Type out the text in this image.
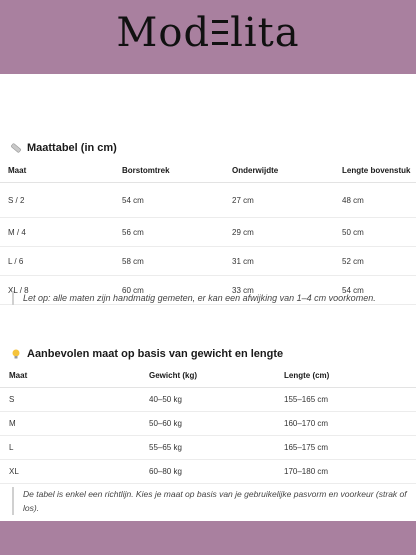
Mod lita
Maattabel (in cm)
Maat	Borstomtrek	Onderwijdte	Lengte bovenstuk
S / 2	54 cm	27 cm	48 cm
M / 4	56 cm	29 cm	50 cm
L / 6	58 cm	31 cm	52 cm
XL / 8	60 cm	33 cm	54 cm
Let op: alle maten zijn handmatig gemeten, er kan een afwijking van 1–4 cm voorkomen.
Aanbevolen maat op basis van gewicht en lengte
Maat	Gewicht (kg)	Lengte (cm)
S	40–50 kg	155–165 cm
M	50–60 kg	160–170 cm
L	55–65 kg	165–175 cm
XL	60–80 kg	170–180 cm
De tabel is enkel een richtlijn. Kies je maat op basis van je gebruikelijke pasvorm en voorkeur (strak of los).
